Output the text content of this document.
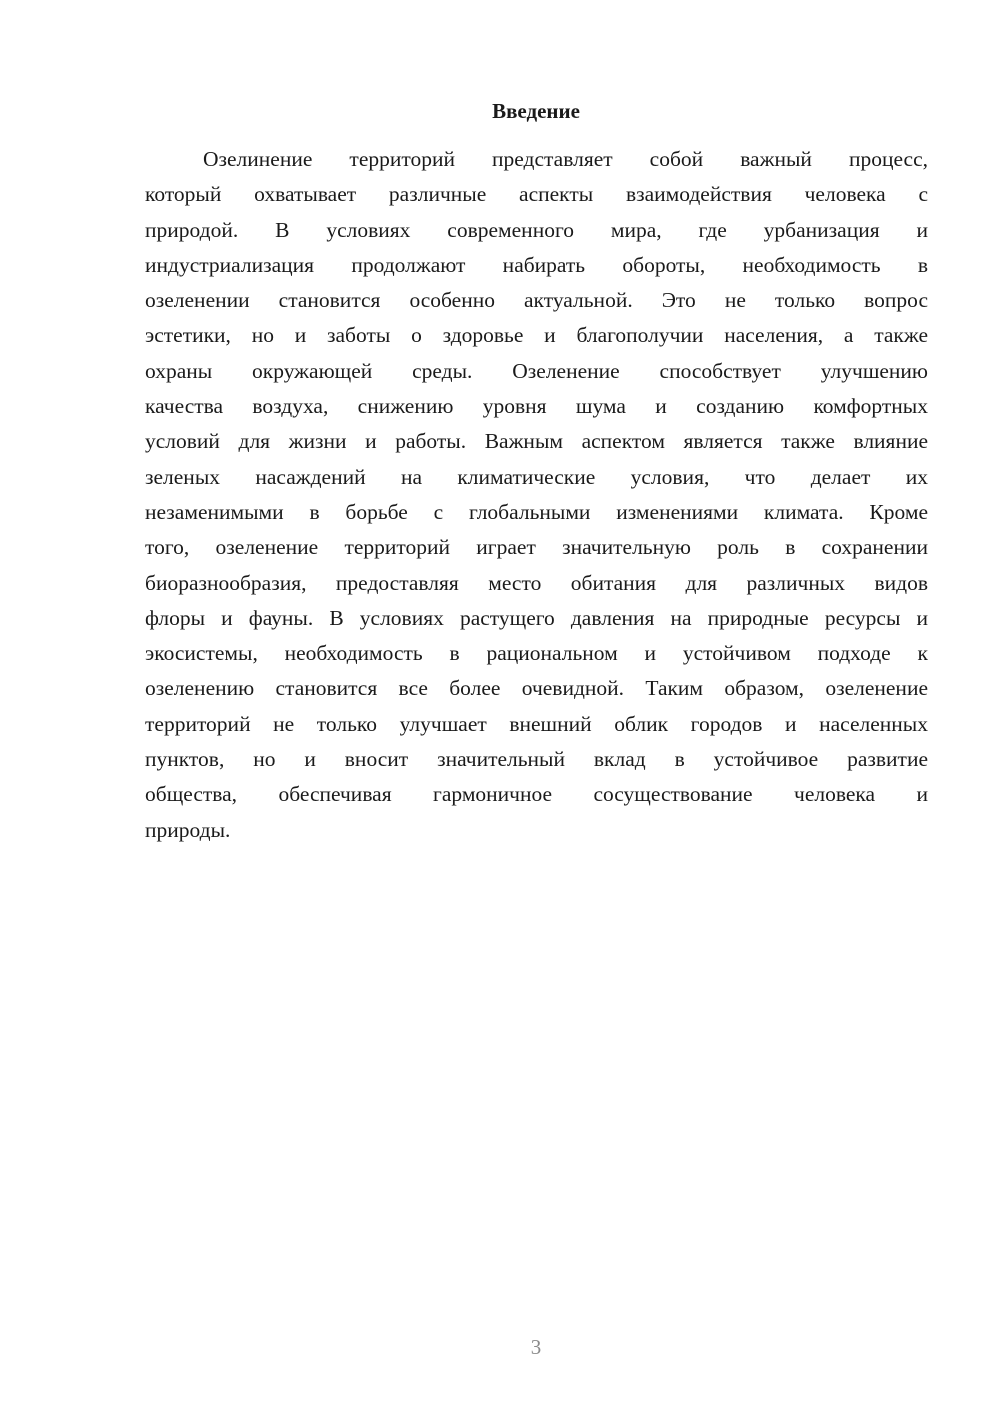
Введение
Озелинение территорий представляет собой важный процесс,
который охватывает различные аспекты взаимодействия человека с
природой. В условиях современного мира, где урбанизация и
индустриализация продолжают набирать обороты, необходимость в
озеленении становится особенно актуальной. Это не только вопрос
эстетики, но и заботы о здоровье и благополучии населения, а также
охраны окружающей среды. Озеленение способствует улучшению
качества воздуха, снижению уровня шума и созданию комфортных
условий для жизни и работы. Важным аспектом является также влияние
зеленых насаждений на климатические условия, что делает их
незаменимыми в борьбе с глобальными изменениями климата. Кроме
того, озеленение территорий играет значительную роль в сохранении
биоразнообразия, предоставляя место обитания для различных видов
флоры и фауны. В условиях растущего давления на природные ресурсы и
экосистемы, необходимость в рациональном и устойчивом подходе к
озеленению становится все более очевидной. Таким образом, озеленение
территорий не только улучшает внешний облик городов и населенных
пунктов, но и вносит значительный вклад в устойчивое развитие
общества, обеспечивая гармоничное сосуществование человека и
природы.
3
